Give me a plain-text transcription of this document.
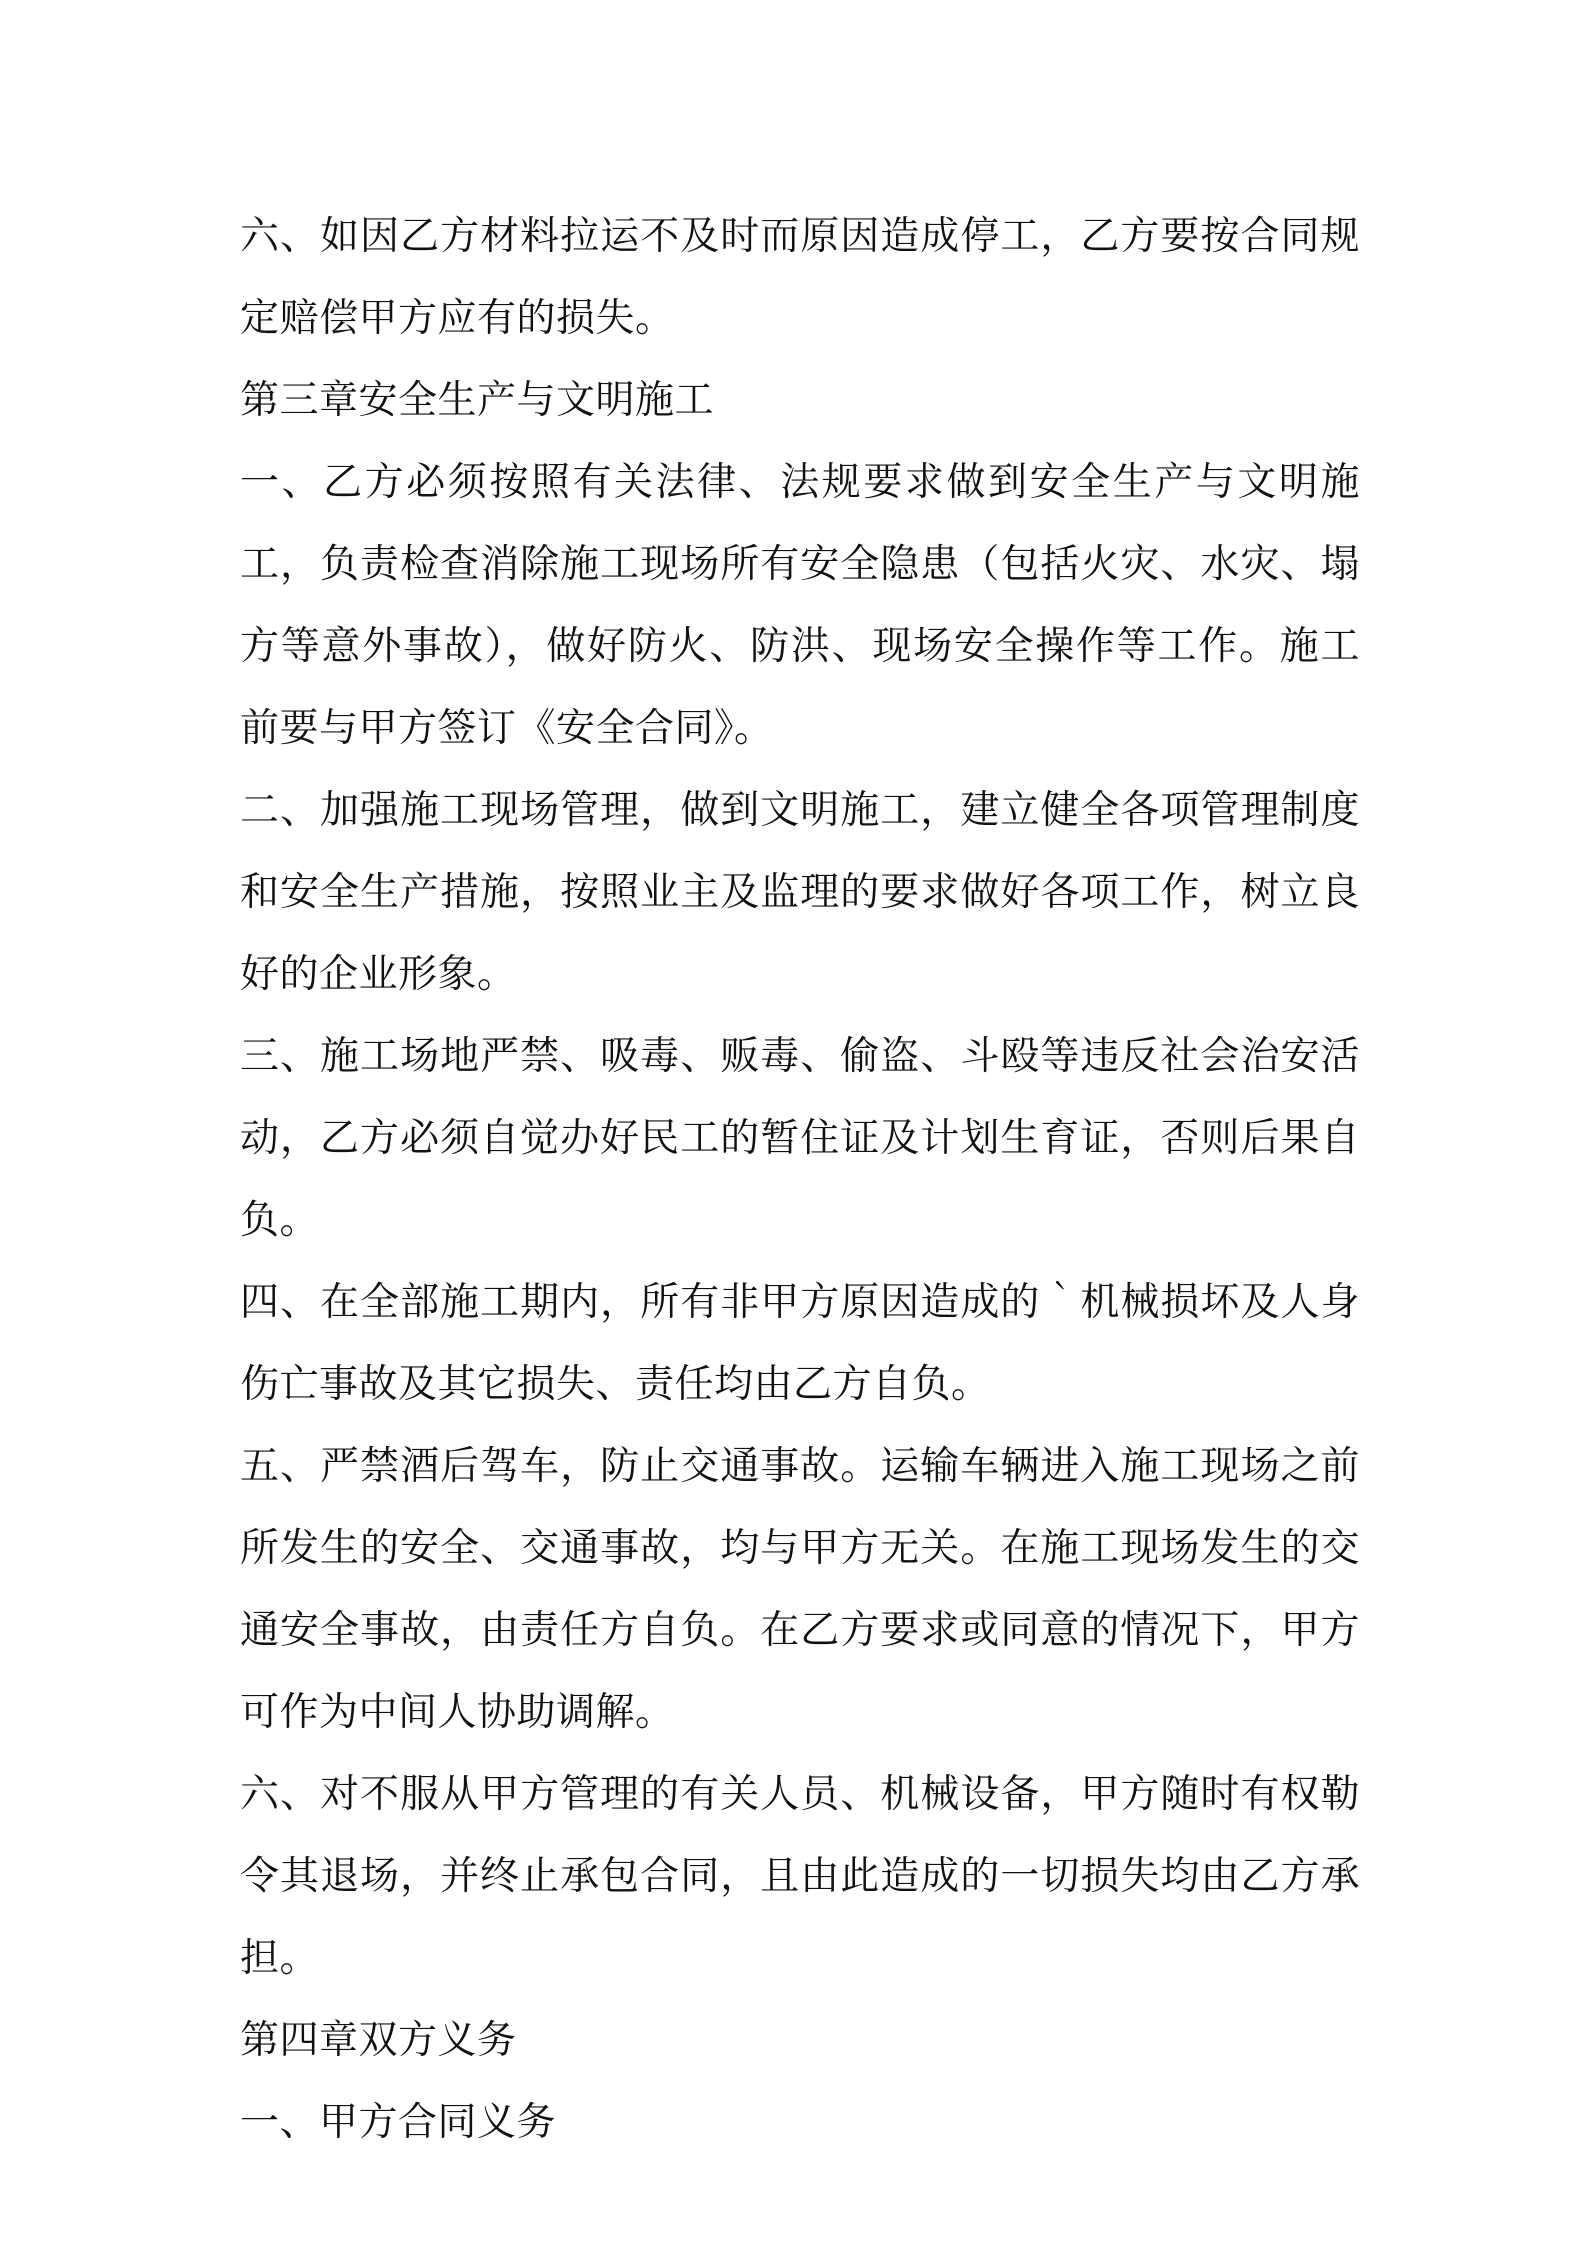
六、如因乙方材料拉运不及时而原因造成停工，乙方要按合同规定赔偿甲方应有的损失。

第三章安全生产与文明施工

一、乙方必须按照有关法律、法规要求做到安全生产与文明施工，负责检查消除施工现场所有安全隐患（包括火灾、水灾、塌方等意外事故），做好防火、防洪、现场安全操作等工作。施工前要与甲方签订《安全合同》。

二、加强施工现场管理，做到文明施工，建立健全各项管理制度和安全生产措施，按照业主及监理的要求做好各项工作，树立良好的企业形象。

三、施工场地严禁、吸毒、贩毒、偷盗、斗殴等违反社会治安活动，乙方必须自觉办好民工的暂住证及计划生育证，否则后果自负。

四、在全部施工期内，所有非甲方原因造成的｀机械损坏及人身伤亡事故及其它损失、责任均由乙方自负。

五、严禁酒后驾车，防止交通事故。运输车辆进入施工现场之前所发生的安全、交通事故，均与甲方无关。在施工现场发生的交通安全事故，由责任方自负。在乙方要求或同意的情况下，甲方可作为中间人协助调解。

六、对不服从甲方管理的有关人员、机械设备，甲方随时有权勒令其退场，并终止承包合同，且由此造成的一切损失均由乙方承担。

第四章双方义务

一、甲方合同义务
